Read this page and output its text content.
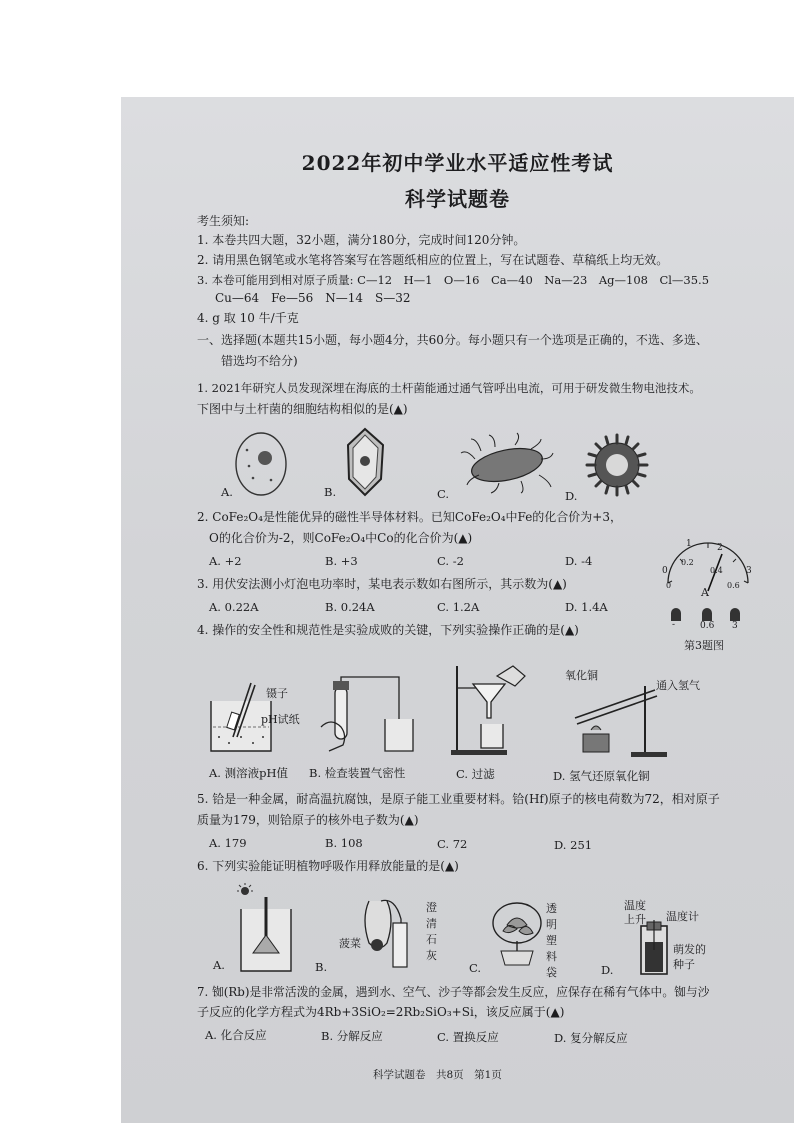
2022年初中学业水平适应性考试
科学试题卷
考生须知:
1. 本卷共四大题，32小题，满分180分，完成时间120分钟。
2. 请用黑色钢笔或水笔将答案写在答题纸相应的位置上，写在试题卷、草稿纸上均无效。
3. 本卷可能用到相对原子质量: C—12　H—1　O—16　Ca—40　Na—23　Ag—108　Cl—35.5
Cu—64　Fe—56　N—14　S—32
4. g 取 10 牛/千克
一、选择题(本题共15小题，每小题4分，共60分。每小题只有一个选项是正确的，不选、多选、
错选均不给分)
1. 2021年研究人员发现深埋在海底的土杆菌能通过通气管呼出电流，可用于研发微生物电池技术。
下图中与土杆菌的细胞结构相似的是(▲)
A.	B.	C.	D.
2. CoFe₂O₄是性能优异的磁性半导体材料。已知CoFe₂O₄中Fe的化合价为+3，
O的化合价为-2，则CoFe₂O₄中Co的化合价为(▲)
A. +2	B. +3	C. -2	D. -4
3. 用伏安法测小灯泡电功率时，某电表示数如右图所示，其示数为(▲)
A. 0.22A	B. 0.24A	C. 1.2A	D. 1.4A
0
1	2
3
0
0.2
0.4
0.6
A
-	0.6 3
第3题图
4. 操作的安全性和规范性是实验成败的关键，下列实验操作正确的是(▲)
镊子
pH试纸
氧化铜
通入氢气
A. 测溶液pH值 B. 检查装置气密性	C. 过滤	D. 氢气还原氧化铜
5. 铪是一种金属，耐高温抗腐蚀，是原子能工业重要材料。铪(Hf)原子的核电荷数为72，相对原子
质量为179，则铪原子的核外电子数为(▲)
A. 179	B. 108	C. 72	D. 251
6. 下列实验能证明植物呼吸作用释放能量的是(▲)
菠菜
澄清石灰
透明塑料袋
温度上升 温度计
萌发的种子
A.	B.	C.	D.
7. 铷(Rb)是非常活泼的金属，遇到水、空气、沙子等都会发生反应，应保存在稀有气体中。铷与沙
子反应的化学方程式为4Rb+3SiO₂=2Rb₂SiO₃+Si，该反应属于(▲)
A. 化合反应	B. 分解反应	C. 置换反应	D. 复分解反应
科学试题卷　共8页　第1页
